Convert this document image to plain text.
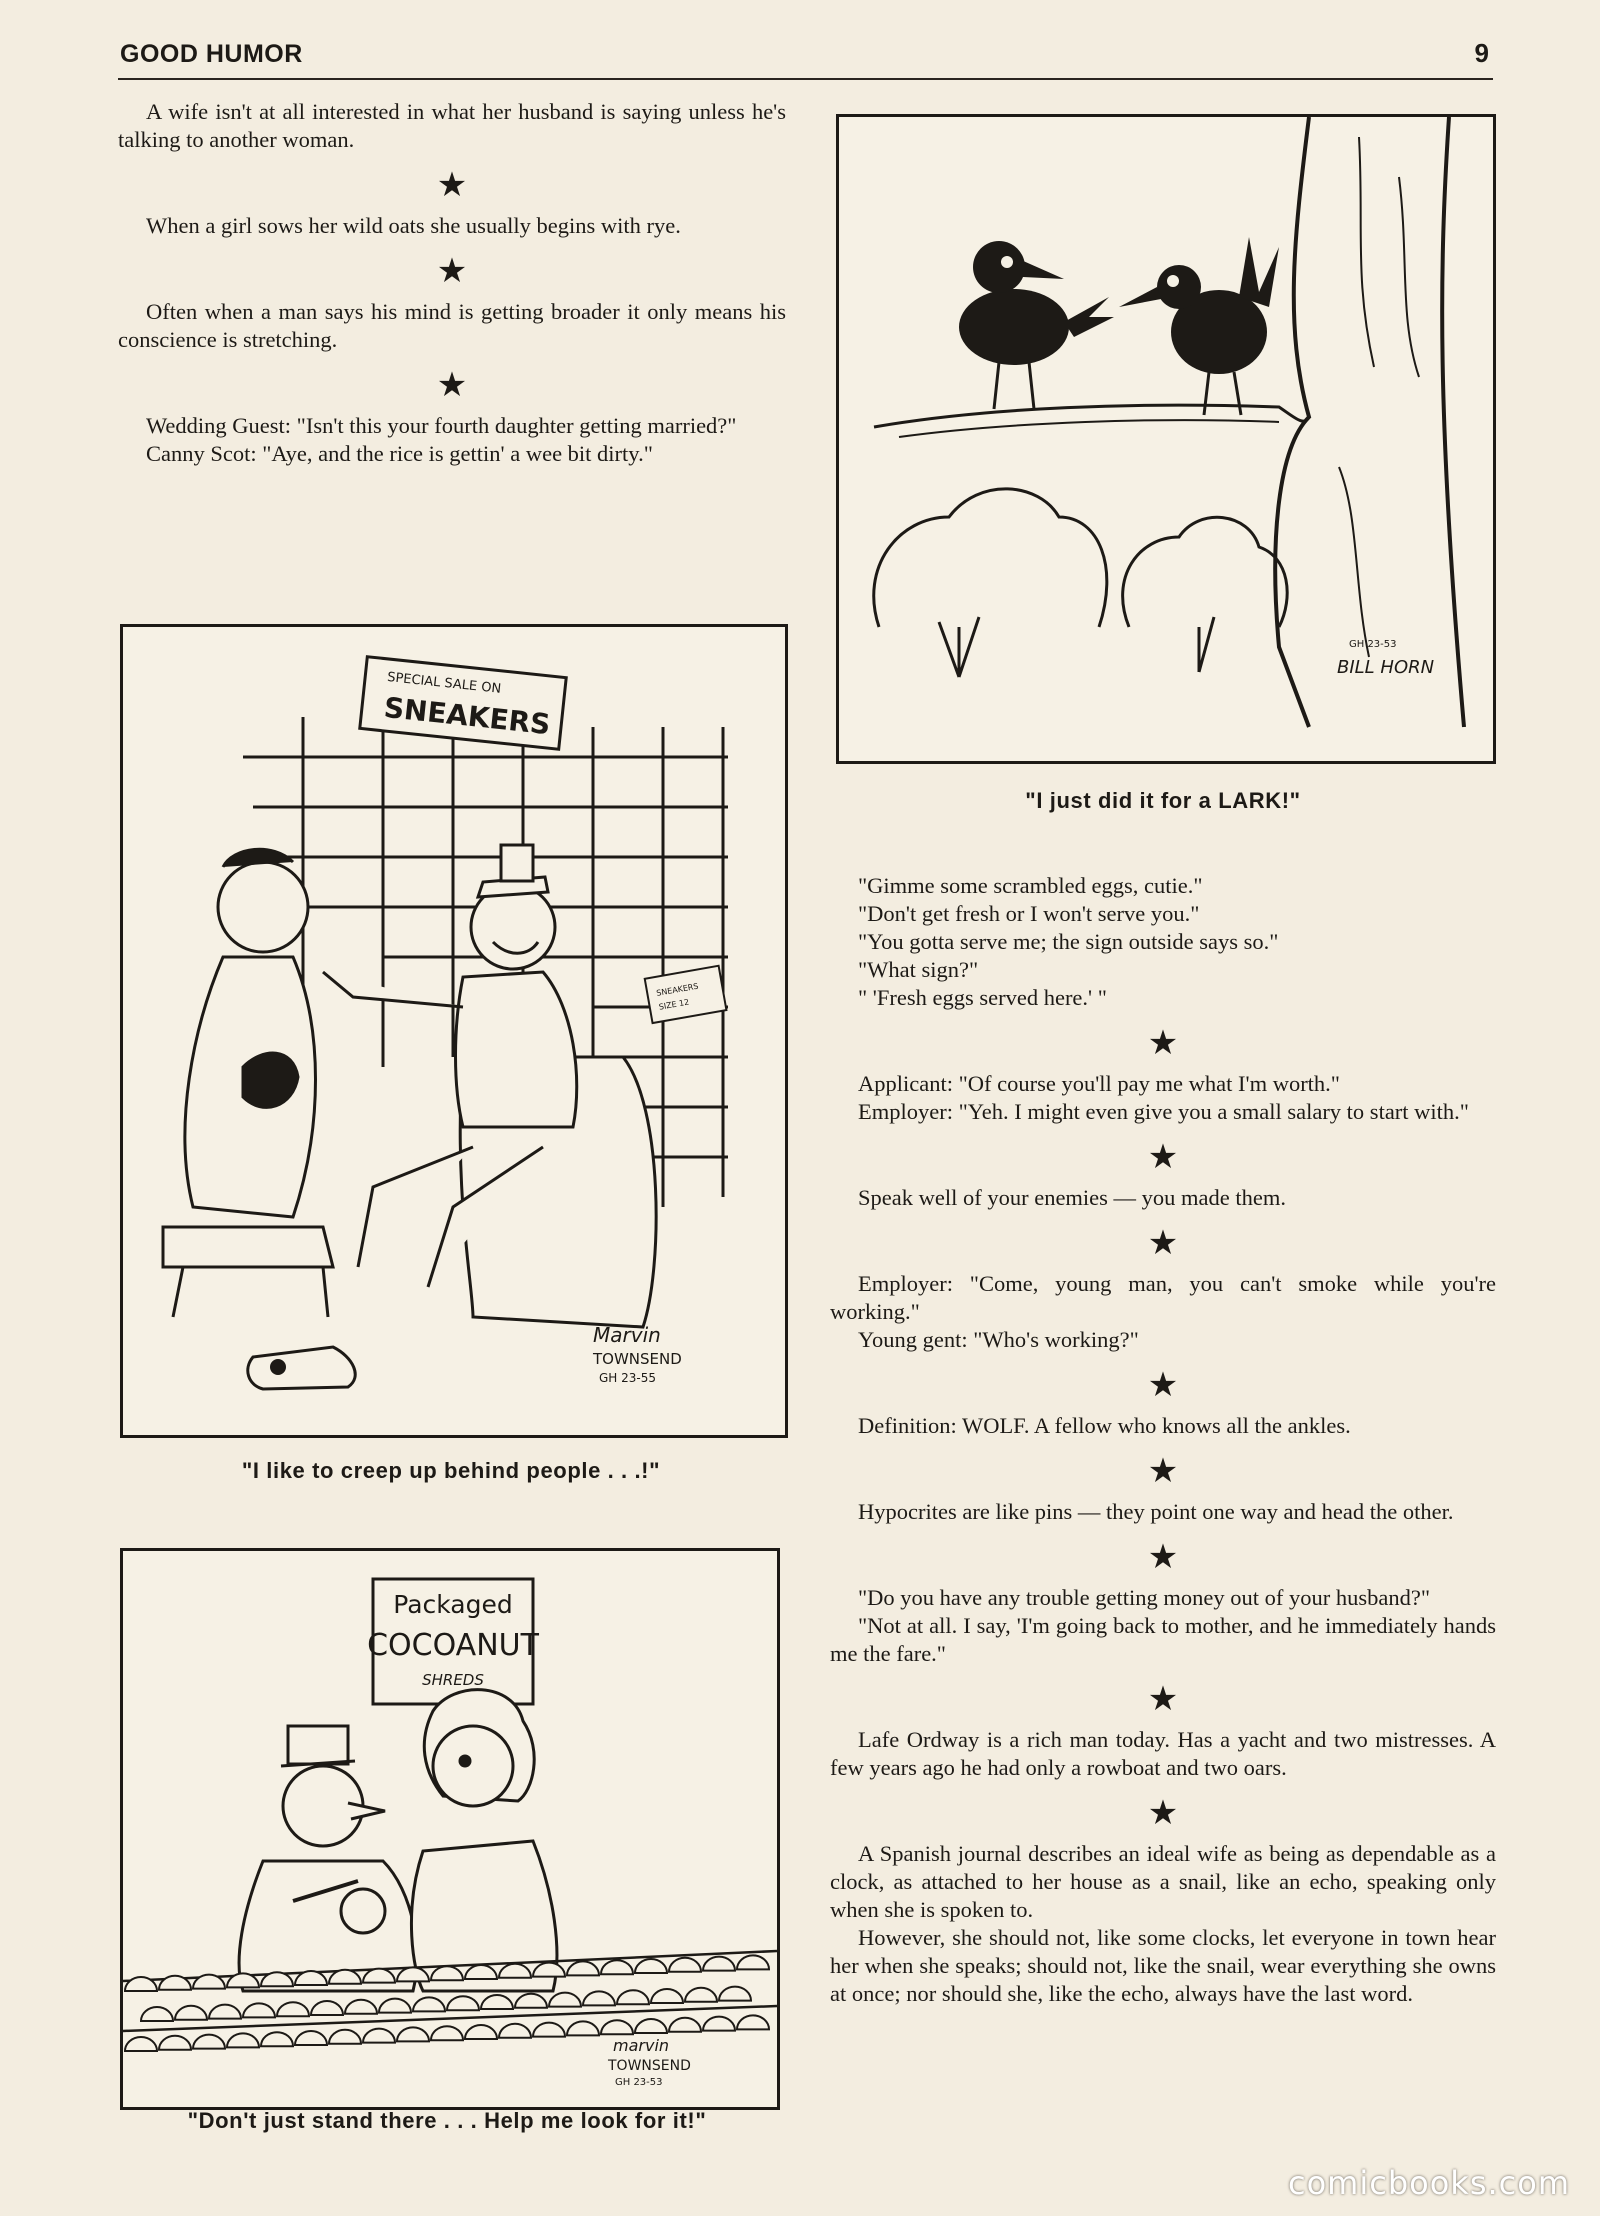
GOOD HUMOR	9

A wife isn't at all interested in what her husband is saying unless he's talking to another woman.

★

When a girl sows her wild oats she usually begins with rye.

★

Often when a man says his mind is getting broader it only means his conscience is stretching.

★

Wedding Guest: "Isn't this your fourth daughter getting married?"

Canny Scot: "Aye, and the rice is gettin' a wee bit dirty."

GH 23-53
BILL HORN
"I just did it for a LARK!"
SPECIAL SALE ON
SNEAKERS
SNEAKERS
SIZE 12
Marvin
TOWNSEND
GH 23-55
"I like to creep up behind people . . .!"
Packaged
COCOANUT
SHREDS
marvin
TOWNSEND
GH 23-53
"Don't just stand there . . . Help me look for it!"

"Gimme some scrambled eggs, cutie."

"Don't get fresh or I won't serve you."

"You gotta serve me; the sign outside says so."

"What sign?"

" 'Fresh eggs served here.' "

★

Applicant: "Of course you'll pay me what I'm worth."

Employer: "Yeh. I might even give you a small salary to start with."

★

Speak well of your enemies — you made them.

★

Employer: "Come, young man, you can't smoke while you're working."

Young gent: "Who's working?"

★

Definition: WOLF. A fellow who knows all the ankles.

★

Hypocrites are like pins — they point one way and head the other.

★

"Do you have any trouble getting money out of your husband?"

"Not at all. I say, 'I'm going back to mother, and he immediately hands me the fare."

★

Lafe Ordway is a rich man today. Has a yacht and two mistresses. A few years ago he had only a rowboat and two oars.

★

A Spanish journal describes an ideal wife as being as dependable as a clock, as attached to her house as a snail, like an echo, speaking only when she is spoken to.

However, she should not, like some clocks, let everyone in town hear her when she speaks; should not, like the snail, wear everything she owns at once; nor should she, like the echo, always have the last word.

comicbooks.com
